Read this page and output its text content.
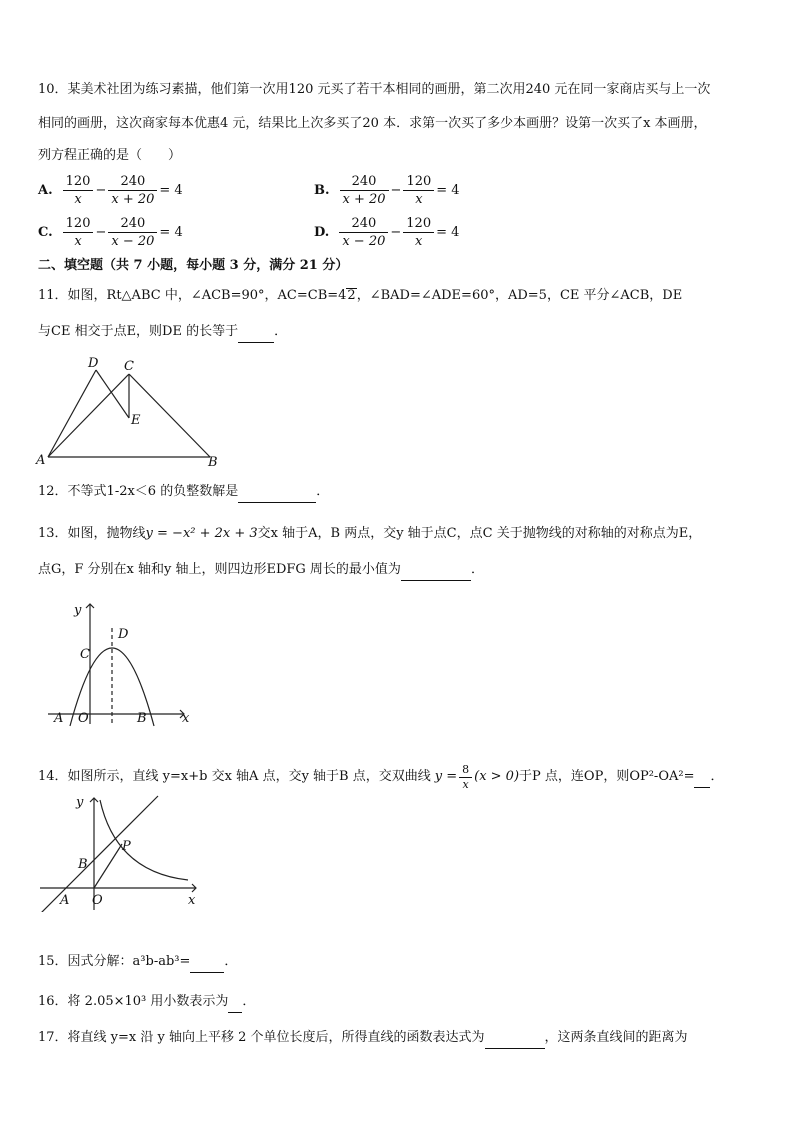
10．某美术社团为练习素描，他们第一次用120 元买了若干本相同的画册，第二次用240 元在同一家商店买与上一次
相同的画册，这次商家每本优惠4 元，结果比上次多买了20 本．求第一次买了多少本画册？设第一次买了x 本画册，
列方程正确的是（　　）
A. $\frac{120}{x} - \frac{240}{x + 20} = 4$	B. $\frac{240}{x + 20} - \frac{120}{x} = 4$
C. $\frac{120}{x} - \frac{240}{x - 20} = 4$	D. $\frac{240}{x - 20} - \frac{120}{x} = 4$
二、填空题（共 7 小题，每小题 3 分，满分 21 分）
11．如图，Rt△ABC 中，∠ACB=90°，AC=CB=42，∠BAD=∠ADE=60°，AD=5，CE 平分∠ACB，DE
与CE 相交于点E，则DE 的长等于	．
D C
E
A	B
12．不等式1-2x＜6 的负整数解是	．
13．如图，抛物线y = −x² + 2x + 3交x 轴于A，B 两点，交y 轴于点C，点C 关于抛物线的对称轴的对称点为E，
点G，F 分别在x 轴和y 轴上，则四边形EDFG 周长的最小值为	．
y
D
C
A O	B	x
14．如图所示，直线 y=x+b 交x 轴A 点，交y 轴于B 点，交双曲线 $y = \frac{8}{x} (x > 0)$ 于P 点，连OP，则OP²-OA²=
．
y
P
B
A O	x
15．因式分解：a³b-ab³=	．
16．将 2.05×10³ 用小数表示为 ．
17．将直线 y=x 沿 y 轴向上平移 2 个单位长度后，所得直线的函数表达式为	，这两条直线间的距离为
